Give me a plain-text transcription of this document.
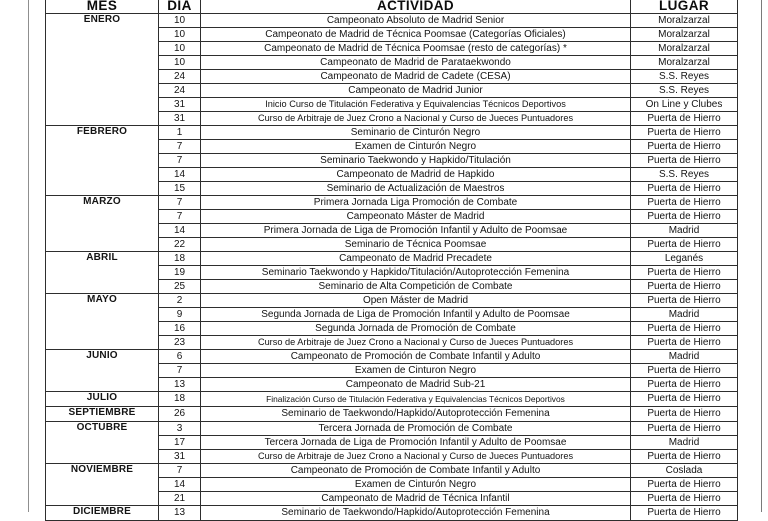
MES	DIA	ACTIVIDAD	LUGAR
ENERO	10	Campeonato Absoluto de Madrid Senior	Moralzarzal
	10	Campeonato de Madrid de Técnica Poomsae (Categorías Oficiales)	Moralzarzal
	10	Campeonato de Madrid de Técnica Poomsae (resto de categorías) *	Moralzarzal
	10	Campeonato de Madrid de Parataekwondo	Moralzarzal
	24	Campeonato de Madrid de Cadete (CESA)	S.S. Reyes
	24	Campeonato de Madrid Junior	S.S. Reyes
	31	Inicio Curso de Titulación Federativa y Equivalencias Técnicos Deportivos	On Line y Clubes
	31	Curso de Arbitraje de Juez Crono a Nacional y Curso de Jueces Puntuadores	Puerta de Hierro
FEBRERO	1	Seminario de Cinturón Negro	Puerta de Hierro
	7	Examen de Cinturón Negro	Puerta de Hierro
	7	Seminario Taekwondo y Hapkido/Titulación	Puerta de Hierro
	14	Campeonato de Madrid de Hapkido	S.S. Reyes
	15	Seminario de Actualización de Maestros	Puerta de Hierro
MARZO	7	Primera Jornada Liga Promoción de Combate	Puerta de Hierro
	7	Campeonato Máster de Madrid	Puerta de Hierro
	14	Primera Jornada de Liga de Promoción Infantil y Adulto de Poomsae	Madrid
	22	Seminario de Técnica Poomsae	Puerta de Hierro
ABRIL	18	Campeonato de Madrid Precadete	Leganés
	19	Seminario Taekwondo y Hapkido/Titulación/Autoprotección Femenina	Puerta de Hierro
	25	Seminario de Alta Competición de Combate	Puerta de Hierro
MAYO	2	Open Máster de Madrid	Puerta de Hierro
	9	Segunda Jornada de Liga de Promoción Infantil y Adulto de Poomsae	Madrid
	16	Segunda Jornada de Promoción de Combate	Puerta de Hierro
	23	Curso de Arbitraje de Juez Crono a Nacional y Curso de Jueces Puntuadores	Puerta de Hierro
JUNIO	6	Campeonato de Promoción de Combate Infantil y Adulto	Madrid
	7	Examen de Cinturon Negro	Puerta de Hierro
	13	Campeonato de Madrid Sub-21	Puerta de Hierro
JULIO	18	Finalización Curso de Titulación Federativa y Equivalencias Técnicos Deportivos	Puerta de Hierro
SEPTIEMBRE	26	Seminario de Taekwondo/Hapkido/Autoprotección Femenina	Puerta de Hierro
OCTUBRE	3	Tercera Jornada de Promoción de Combate	Puerta de Hierro
	17	Tercera Jornada de Liga de Promoción Infantil y Adulto de Poomsae	Madrid
	31	Curso de Arbitraje de Juez Crono a Nacional y Curso de Jueces Puntuadores	Puerta de Hierro
NOVIEMBRE	7	Campeonato de Promoción de Combate Infantil y Adulto	Coslada
	14	Examen de Cinturón Negro	Puerta de Hierro
	21	Campeonato de Madrid de Técnica Infantil	Puerta de Hierro
DICIEMBRE	13	Seminario de Taekwondo/Hapkido/Autoprotección Femenina	Puerta de Hierro
